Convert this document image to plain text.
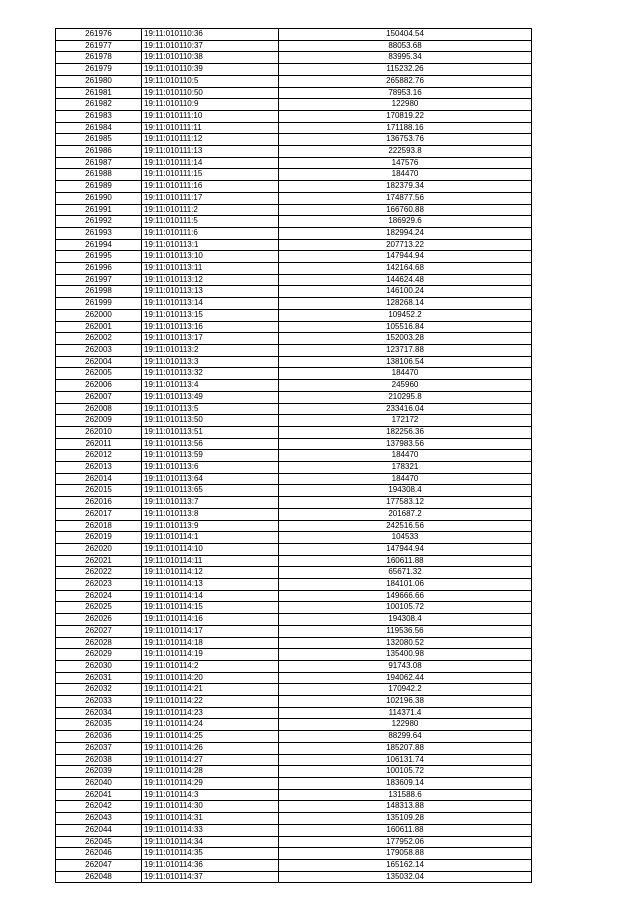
261976	19:11:010110:36	150404.54
261977	19:11:010110:37	88053.68
261978	19:11:010110:38	83995.34
261979	19:11:010110:39	115232.26
261980	19:11:010110:5	265882.76
261981	19:11:010110:50	78953.16
261982	19:11:010110:9	122980
261983	19:11:010111:10	170819.22
261984	19:11:010111:11	171188.16
261985	19:11:010111:12	136753.76
261986	19:11:010111:13	222593.8
261987	19:11:010111:14	147576
261988	19:11:010111:15	184470
261989	19:11:010111:16	182379.34
261990	19:11:010111:17	174877.56
261991	19:11:010111:2	166760.88
261992	19:11:010111:5	186929.6
261993	19:11:010111:6	182994.24
261994	19:11:010113:1	207713.22
261995	19:11:010113:10	147944.94
261996	19:11:010113:11	142164.68
261997	19:11:010113:12	144624.48
261998	19:11:010113:13	146100.24
261999	19:11:010113:14	128268.14
262000	19:11:010113:15	109452.2
262001	19:11:010113:16	105516.84
262002	19:11:010113:17	152003.28
262003	19:11:010113:2	123717.88
262004	19:11:010113:3	138106.54
262005	19:11:010113:32	184470
262006	19:11:010113:4	245960
262007	19:11:010113:49	210295.8
262008	19:11:010113:5	233416.04
262009	19:11:010113:50	172172
262010	19:11:010113:51	182256.36
262011	19:11:010113:56	137983.56
262012	19:11:010113:59	184470
262013	19:11:010113:6	178321
262014	19:11:010113:64	184470
262015	19:11:010113:65	194308.4
262016	19:11:010113:7	177583.12
262017	19:11:010113:8	201687.2
262018	19:11:010113:9	242516.56
262019	19:11:010114:1	104533
262020	19:11:010114:10	147944.94
262021	19:11:010114:11	160611.88
262022	19:11:010114:12	65671.32
262023	19:11:010114:13	184101.06
262024	19:11:010114:14	149666.66
262025	19:11:010114:15	100105.72
262026	19:11:010114:16	194308.4
262027	19:11:010114:17	119536.56
262028	19:11:010114:18	132080.52
262029	19:11:010114:19	135400.98
262030	19:11:010114:2	91743.08
262031	19:11:010114:20	194062.44
262032	19:11:010114:21	170942.2
262033	19:11:010114:22	102196.38
262034	19:11:010114:23	114371.4
262035	19:11:010114:24	122980
262036	19:11:010114:25	88299.64
262037	19:11:010114:26	185207.88
262038	19:11:010114:27	106131.74
262039	19:11:010114:28	100105.72
262040	19:11:010114:29	183609.14
262041	19:11:010114:3	131588.6
262042	19:11:010114:30	148313.88
262043	19:11:010114:31	135109.28
262044	19:11:010114:33	160611.88
262045	19:11:010114:34	177952.06
262046	19:11:010114:35	179058.88
262047	19:11:010114:36	165162.14
262048	19:11:010114:37	135032.04
